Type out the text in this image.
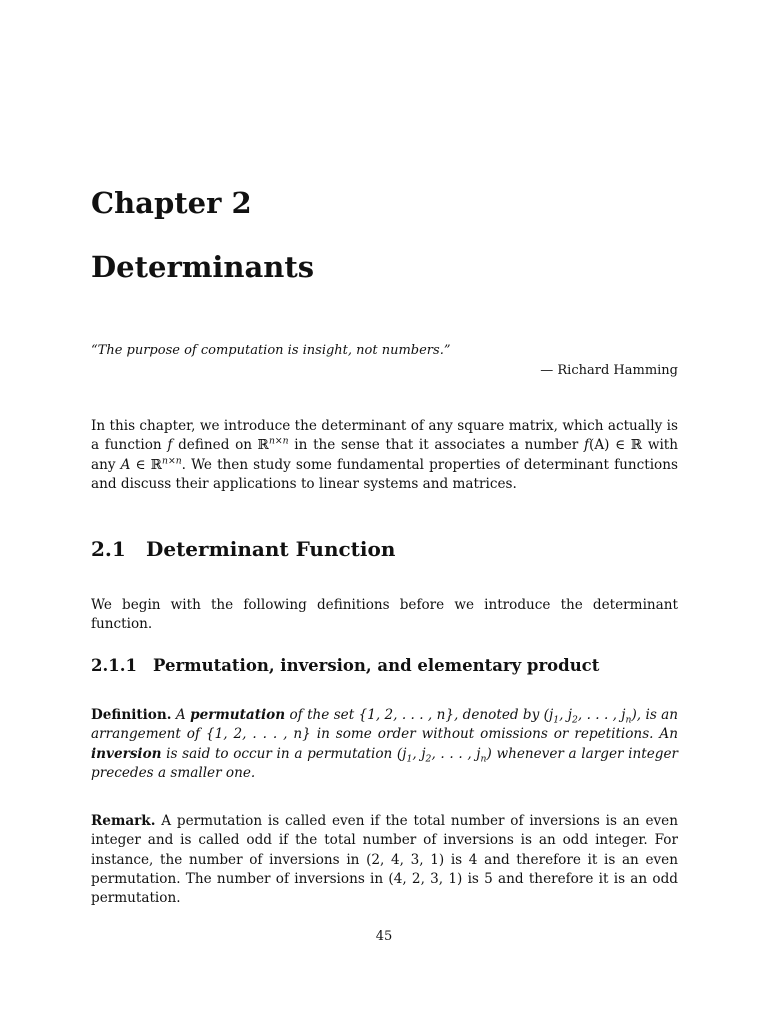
Chapter 2
Determinants
“The purpose of computation is insight, not numbers.”
— Richard Hamming

In this chapter, we introduce the determinant of any square matrix, which actually is a function f defined on ℝ$^{n\times n}$ in the sense that it associates a number f(A) ∈ ℝ with any A ∈ ℝ$^{n\times n}$. We then study some fundamental properties of determinant functions and discuss their applications to linear systems and matrices.

2.1 Determinant Function

We begin with the following definitions before we introduce the determinant function.

2.1.1 Permutation, inversion, and elementary product

Definition. A permutation of the set {1, 2, . . . , n}, denoted by ($j_1$, $j_2$, . . . , $j_n$), is an arrangement of {1, 2, . . . , n} in some order without omissions or repetitions. An inversion is said to occur in a permutation ($j_1$, $j_2$, . . . , $j_n$) whenever a larger integer precedes a smaller one.

Remark. A permutation is called even if the total number of inversions is an even integer and is called odd if the total number of inversions is an odd integer. For instance, the number of inversions in (2, 4, 3, 1) is 4 and therefore it is an even permutation. The number of inversions in (4, 2, 3, 1) is 5 and therefore it is an odd permutation.

45
